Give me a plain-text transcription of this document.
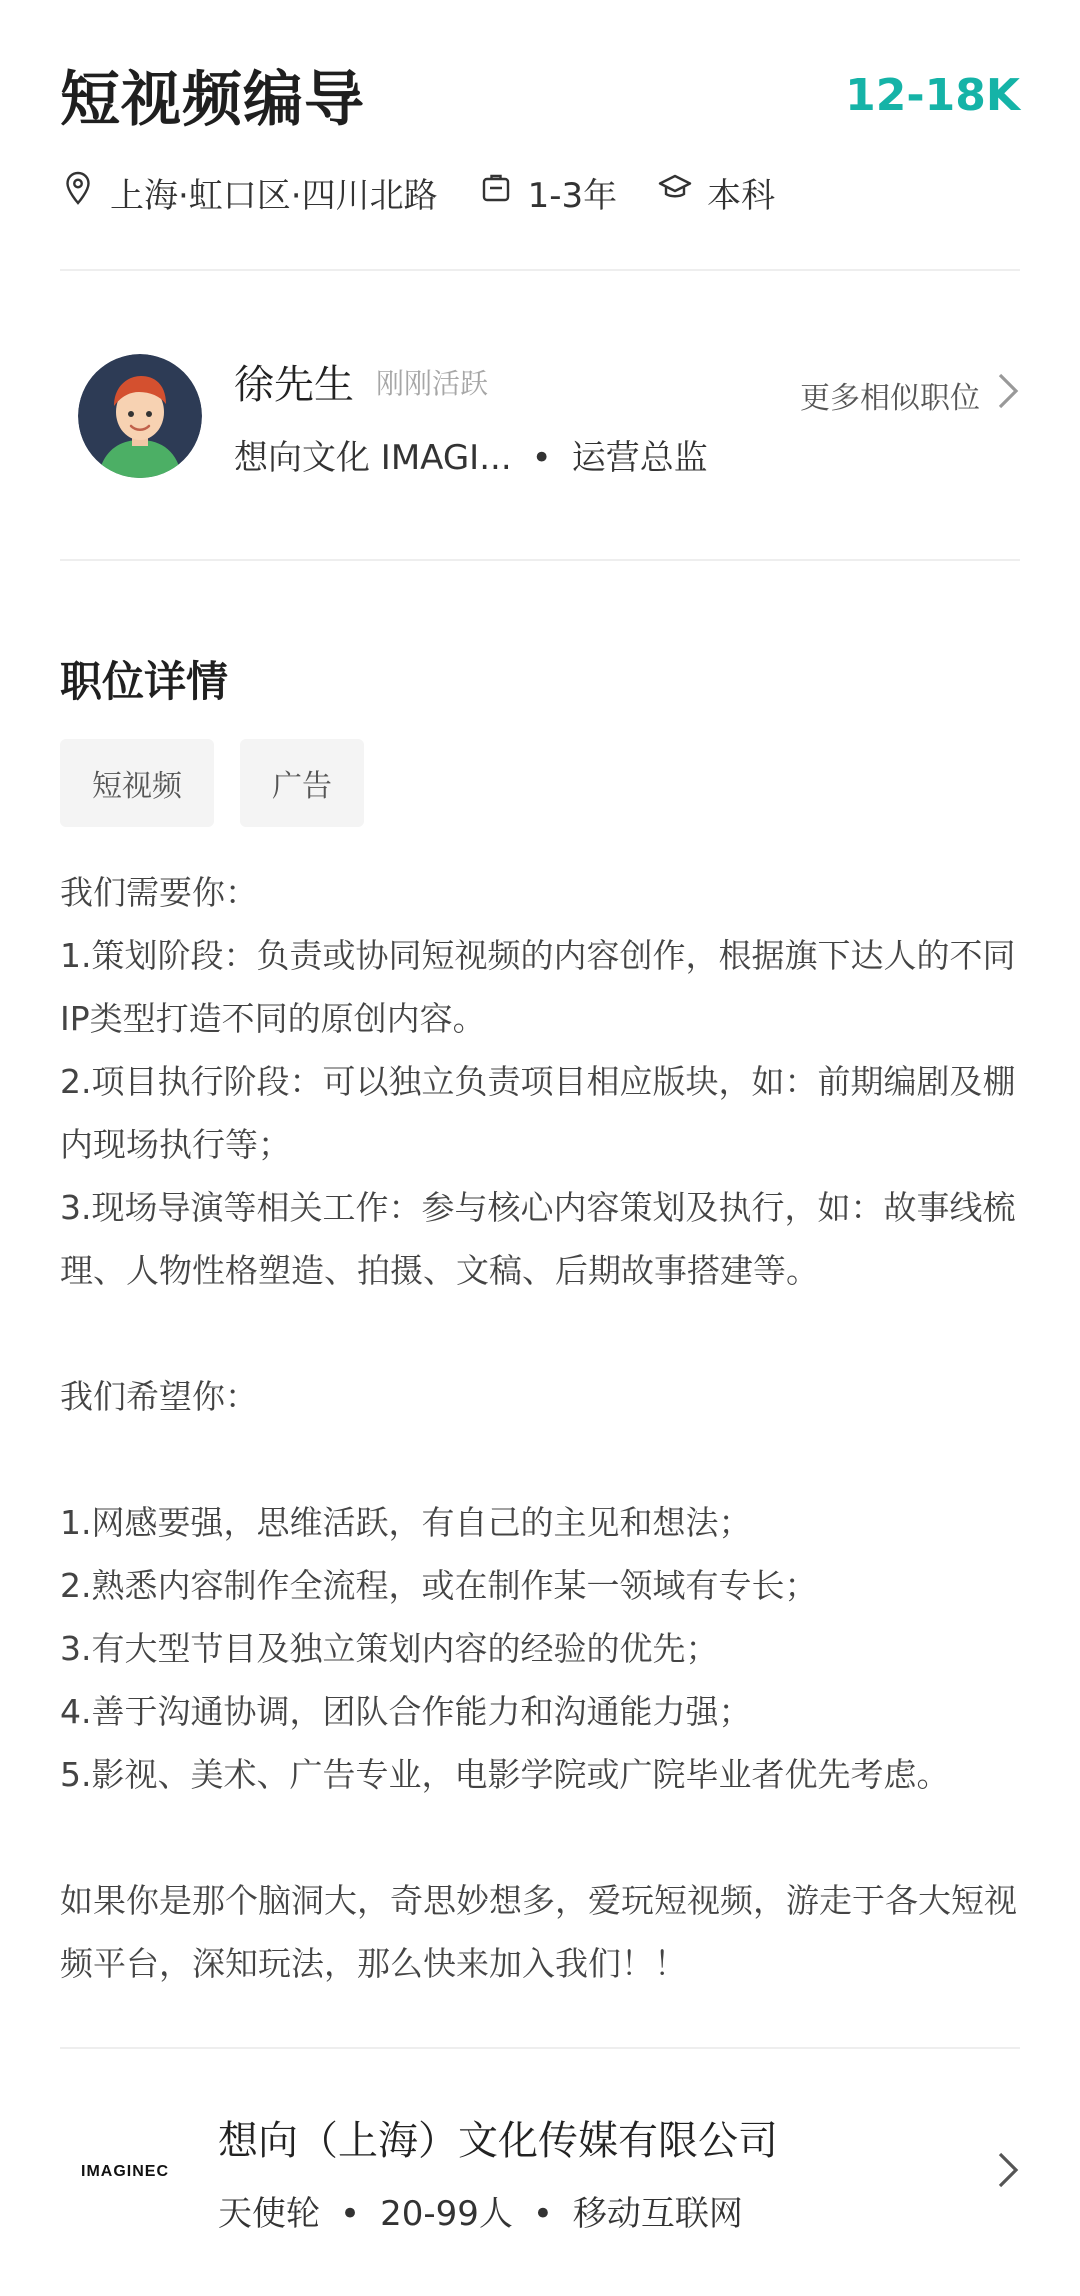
短视频编导	12-18K
上海·虹口区·四川北路	1-3年	本科
徐先生 刚刚活跃
想向文化 IMAGI... • 运营总监
更多相似职位
职位详情
短视频	广告
我们需要你：
1.策划阶段：负责或协同短视频的内容创作，根据旗下达人的不同IP类型打造不同的原创内容。
2.项目执行阶段：可以独立负责项目相应版块，如：前期编剧及棚内现场执行等；
3.现场导演等相关工作：参与核心内容策划及执行，如：故事线梳理、人物性格塑造、拍摄、文稿、后期故事搭建等。

我们希望你：

1.网感要强，思维活跃，有自己的主见和想法；
2.熟悉内容制作全流程，或在制作某一领域有专长；
3.有大型节目及独立策划内容的经验的优先；
4.善于沟通协调，团队合作能力和沟通能力强；
5.影视、美术、广告专业，电影学院或广院毕业者优先考虑。

如果你是那个脑洞大，奇思妙想多，爱玩短视频，游走于各大短视频平台，深知玩法，那么快来加入我们！！
IMAGINEC
想向（上海）文化传媒有限公司
天使轮 • 20-99人 • 移动互联网
